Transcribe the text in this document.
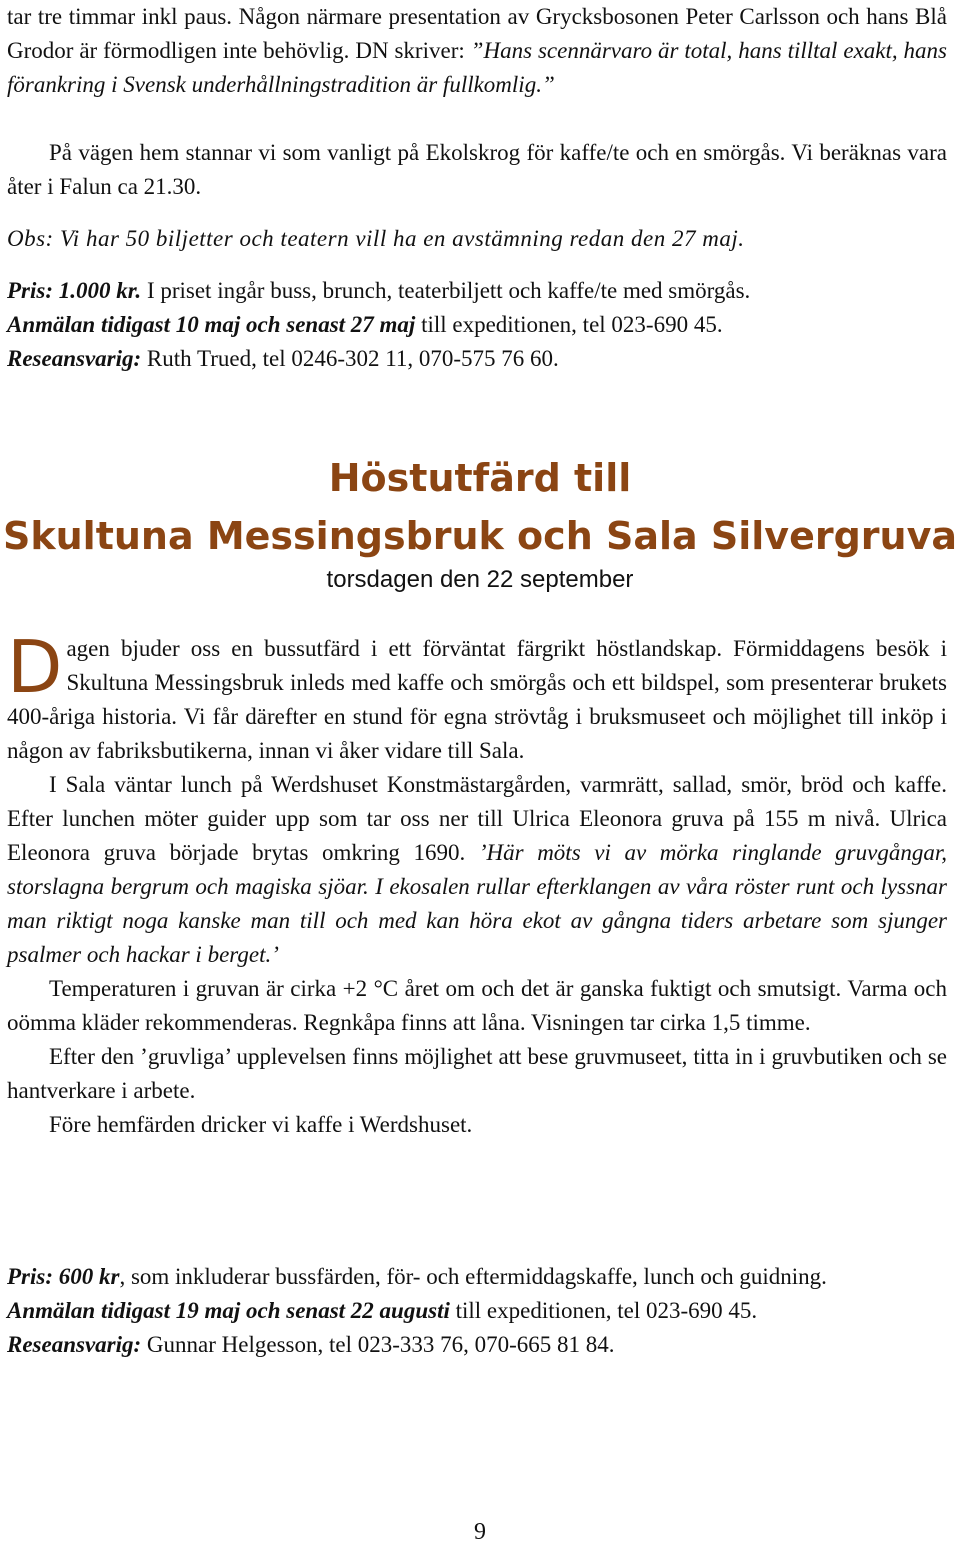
tar tre timmar inkl paus. Någon närmare presentation av Grycksbosonen Peter Carlsson och hans Blå Grodor är förmodligen inte behövlig. DN skriver: ”Hans scennärvaro är total, hans tilltal exakt, hans förankring i Svensk underhållningstradition är fullkomlig.”

På vägen hem stannar vi som vanligt på Ekolskrog för kaffe/te och en smörgås. Vi beräknas vara åter i Falun ca 21.30.

Obs: Vi har 50 biljetter och teatern vill ha en avstämning redan den 27 maj.

Pris: 1.000 kr. I priset ingår buss, brunch, teaterbiljett och kaffe/te med smörgås.

Anmälan tidigast 10 maj och senast 27 maj till expeditionen, tel 023-690 45.

Reseansvarig: Ruth Trued, tel 0246-302 11, 070-575 76 60.

Höstutfärd till
Skultuna Messingsbruk och Sala Silvergruva

torsdagen den 22 september

Dagen bjuder oss en bussutfärd i ett förväntat färgrikt höstlandskap. Förmiddagens besök i Skultuna Messingsbruk inleds med kaffe och smörgås och ett bildspel, som presenterar brukets 400-åriga historia. Vi får därefter en stund för egna strövtåg i bruksmuseet och möjlighet till inköp i någon av fabriksbutikerna, innan vi åker vidare till Sala.

I Sala väntar lunch på Werdshuset Konstmästargården, varmrätt, sallad, smör, bröd och kaffe. Efter lunchen möter guider upp som tar oss ner till Ulrica Eleonora gruva på 155 m nivå. Ulrica Eleonora gruva började brytas omkring 1690. ’Här möts vi av mörka ringlande gruvgångar, storslagna bergrum och magiska sjöar. I ekosalen rullar efterklangen av våra röster runt och lyssnar man riktigt noga kanske man till och med kan höra ekot av gångna tiders arbetare som sjunger psalmer och hackar i berget.’

Temperaturen i gruvan är cirka +2 °C året om och det är ganska fuktigt och smutsigt. Varma och oömma kläder rekommenderas. Regnkåpa finns att låna. Visningen tar cirka 1,5 timme.

Efter den ’gruvliga’ upplevelsen finns möjlighet att bese gruvmuseet, titta in i gruvbutiken och se hantverkare i arbete.

Före hemfärden dricker vi kaffe i Werdshuset.

Pris: 600 kr, som inkluderar bussfärden, för- och eftermiddagskaffe, lunch och guidning.

Anmälan tidigast 19 maj och senast 22 augusti till expeditionen, tel 023-690 45.

Reseansvarig: Gunnar Helgesson, tel 023-333 76, 070-665 81 84.

9
